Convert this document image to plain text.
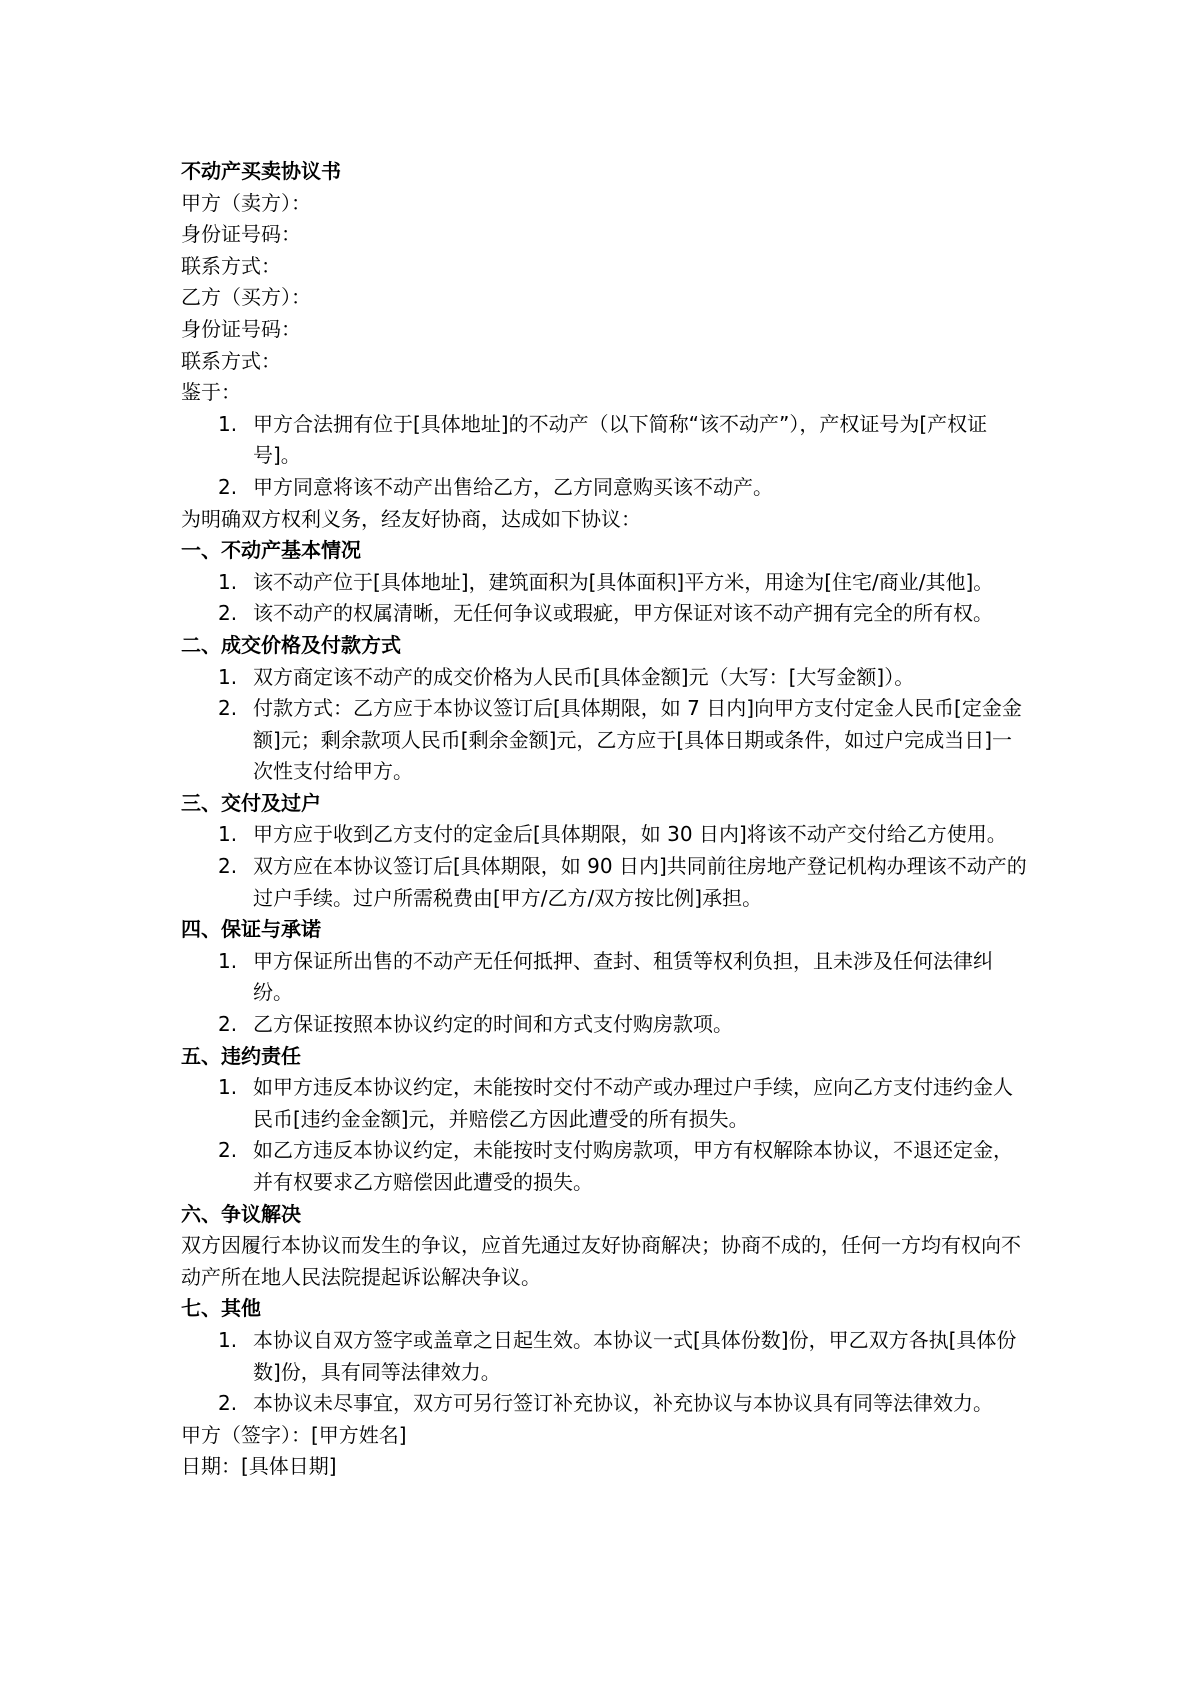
不动产买卖协议书
甲方（卖方）：
身份证号码：
联系方式：
乙方（买方）：
身份证号码：
联系方式：
鉴于：
1. 甲方合法拥有位于[具体地址]的不动产（以下简称“该不动产”），产权证号为[产权证号]。
2. 甲方同意将该不动产出售给乙方，乙方同意购买该不动产。
为明确双方权利义务，经友好协商，达成如下协议：
一、不动产基本情况
1. 该不动产位于[具体地址]，建筑面积为[具体面积]平方米，用途为[住宅/商业/其他]。
2. 该不动产的权属清晰，无任何争议或瑕疵，甲方保证对该不动产拥有完全的所有权。
二、成交价格及付款方式
1. 双方商定该不动产的成交价格为人民币[具体金额]元（大写：[大写金额]）。
2. 付款方式：乙方应于本协议签订后[具体期限，如 7 日内]向甲方支付定金人民币[定金金额]元；剩余款项人民币[剩余金额]元，乙方应于[具体日期或条件，如过户完成当日]一次性支付给甲方。
三、交付及过户
1. 甲方应于收到乙方支付的定金后[具体期限，如 30 日内]将该不动产交付给乙方使用。
2. 双方应在本协议签订后[具体期限，如 90 日内]共同前往房地产登记机构办理该不动产的过户手续。过户所需税费由[甲方/乙方/双方按比例]承担。
四、保证与承诺
1. 甲方保证所出售的不动产无任何抵押、查封、租赁等权利负担，且未涉及任何法律纠纷。
2. 乙方保证按照本协议约定的时间和方式支付购房款项。
五、违约责任
1. 如甲方违反本协议约定，未能按时交付不动产或办理过户手续，应向乙方支付违约金人民币[违约金金额]元，并赔偿乙方因此遭受的所有损失。
2. 如乙方违反本协议约定，未能按时支付购房款项，甲方有权解除本协议，不退还定金，并有权要求乙方赔偿因此遭受的损失。
六、争议解决

双方因履行本协议而发生的争议，应首先通过友好协商解决；协商不成的，任何一方均有权向不动产所在地人民法院提起诉讼解决争议。

七、其他
1. 本协议自双方签字或盖章之日起生效。本协议一式[具体份数]份，甲乙双方各执[具体份数]份，具有同等法律效力。
2. 本协议未尽事宜，双方可另行签订补充协议，补充协议与本协议具有同等法律效力。
甲方（签字）：[甲方姓名]
日期：[具体日期]
